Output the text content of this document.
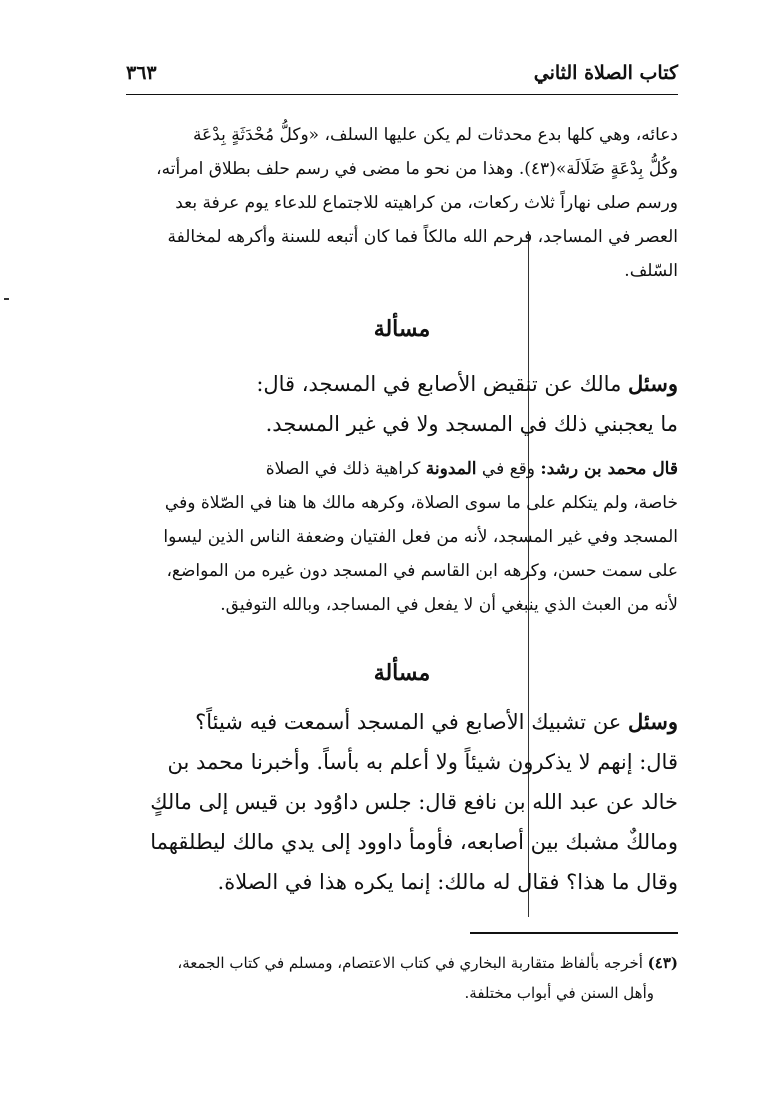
كتاب الصلاة الثاني
٣٦٣
دعائه، وهي كلها بدع محدثات لم يكن عليها السلف، «وكلُّ مُحْدَثَةٍ بِدْعَة
وكُلُّ بِدْعَةٍ ضَلَالَة»(٤٣). وهذا من نحو ما مضى في رسم حلف بطلاق امرأته،
ورسم صلى نهاراً ثلاث ركعات، من كراهيته للاجتماع للدعاء يوم عرفة بعد
العصر في المساجد، فرحم الله مالكاً فما كان أتبعه للسنة وأكرهه لمخالفة
السّلف.
مسألة
وسئل مالك عن تنقيض الأصابع في المسجد، قال:
ما يعجبني ذلك في المسجد ولا في غير المسجد.
قال محمد بن رشد: وقع في المدونة كراهية ذلك في الصلاة
خاصة، ولم يتكلم على ما سوى الصلاة، وكرهه مالك ها هنا في الصّلاة وفي
المسجد وفي غير المسجد، لأنه من فعل الفتيان وضعفة الناس الذين ليسوا
على سمت حسن، وكرهه ابن القاسم في المسجد دون غيره من المواضع،
لأنه من العبث الذي ينبغي أن لا يفعل في المساجد، وبالله التوفيق.
مسألة
وسئل عن تشبيك الأصابع في المسجد أسمعت فيه شيئاً؟
قال: إنهم لا يذكرون شيئاً ولا أعلم به بأساً. وأخبرنا محمد بن
خالد عن عبد الله بن نافع قال: جلس داوُود بن قيس إلى مالكٍ
ومالكٌ مشبك بين أصابعه، فأومأ داوود إلى يدي مالك ليطلقهما
وقال ما هذا؟ فقال له مالك: إنما يكره هذا في الصلاة.
(٤٣) أخرجه بألفاظ متقاربة البخاري في كتاب الاعتصام، ومسلم في كتاب الجمعة،
وأهل السنن في أبواب مختلفة.
